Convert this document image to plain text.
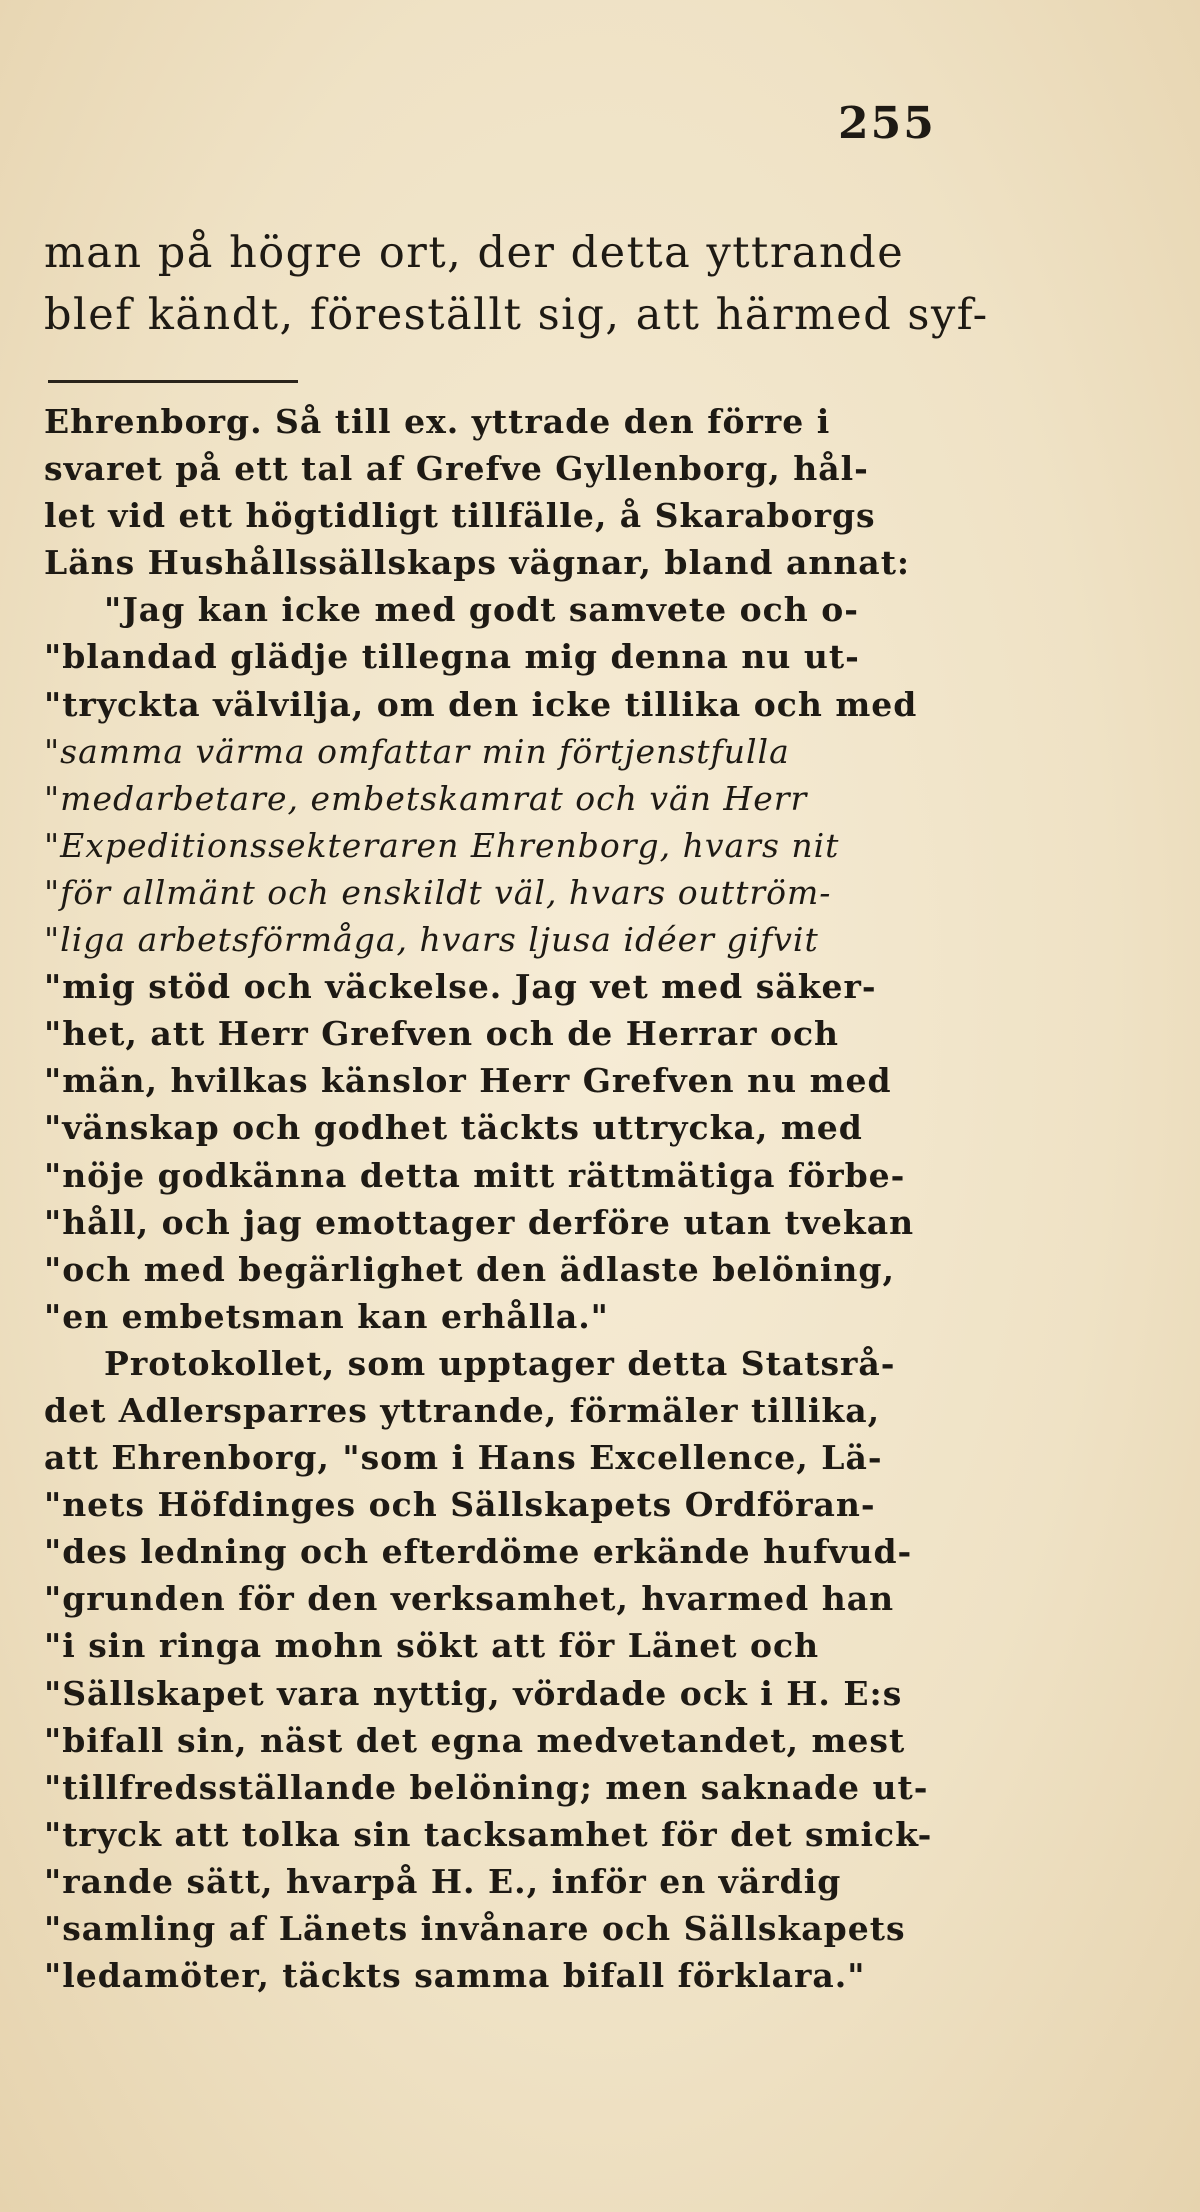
255
man på högre ort, der detta yttrande
blef kändt, föreställt sig, att härmed syf-
Ehrenborg. Så till ex. yttrade den förre i
svaret på ett tal af Grefve Gyllenborg, hål-
let vid ett högtidligt tillfälle, å Skaraborgs
Läns Hushållssällskaps vägnar, bland annat:
"Jag kan icke med godt samvete och o-
"blandad glädje tillegna mig denna nu ut-
"tryckta välvilja, om den icke tillika och med
"samma värma omfattar min förtjenstfulla
"medarbetare, embetskamrat och vän Herr
"Expeditionssekteraren Ehrenborg, hvars nit
"för allmänt och enskildt väl, hvars outtröm-
"liga arbetsförmåga, hvars ljusa idéer gifvit
"mig stöd och väckelse. Jag vet med säker-
"het, att Herr Grefven och de Herrar och
"män, hvilkas känslor Herr Grefven nu med
"vänskap och godhet täckts uttrycka, med
"nöje godkänna detta mitt rättmätiga förbe-
"håll, och jag emottager derföre utan tvekan
"och med begärlighet den ädlaste belöning,
"en embetsman kan erhålla."
Protokollet, som upptager detta Statsrå-
det Adlersparres yttrande, förmäler tillika,
att Ehrenborg, "som i Hans Excellence, Lä-
"nets Höfdinges och Sällskapets Ordföran-
"des ledning och efterdöme erkände hufvud-
"grunden för den verksamhet, hvarmed han
"i sin ringa mohn sökt att för Länet och
"Sällskapet vara nyttig, vördade ock i H. E:s
"bifall sin, näst det egna medvetandet, mest
"tillfredsställande belöning; men saknade ut-
"tryck att tolka sin tacksamhet för det smick-
"rande sätt, hvarpå H. E., inför en värdig
"samling af Länets invånare och Sällskapets
"ledamöter, täckts samma bifall förklara."
